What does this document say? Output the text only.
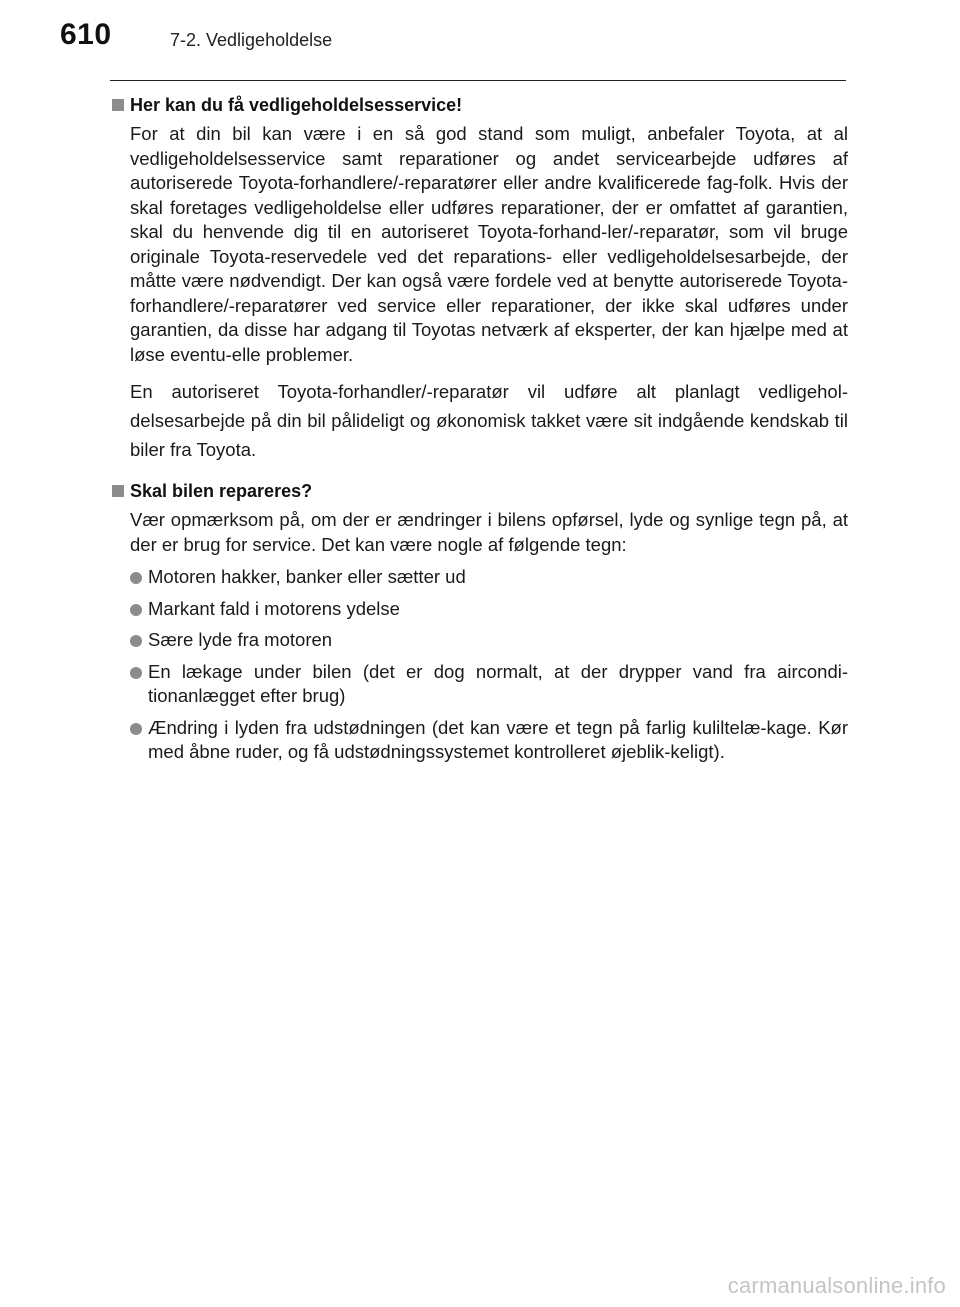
610	7-2. Vedligeholdelse
Her kan du få vedligeholdelsesservice!

For at din bil kan være i en så god stand som muligt, anbefaler Toyota, at al vedligeholdelsesservice samt reparationer og andet servicearbejde udføres af autoriserede Toyota-forhandlere/-reparatører eller andre kvalificerede fag-folk. Hvis der skal foretages vedligeholdelse eller udføres reparationer, der er omfattet af garantien, skal du henvende dig til en autoriseret Toyota-forhand-ler/-reparatør, som vil bruge originale Toyota-reservedele ved det reparations- eller vedligeholdelsesarbejde, der måtte være nødvendigt. Der kan også være fordele ved at benytte autoriserede Toyota-forhandlere/-reparatører ved service eller reparationer, der ikke skal udføres under garantien, da disse har adgang til Toyotas netværk af eksperter, der kan hjælpe med at løse eventu-elle problemer.

En autoriseret Toyota-forhandler/-reparatør vil udføre alt planlagt vedligehol-delsesarbejde på din bil pålideligt og økonomisk takket være sit indgående kendskab til biler fra Toyota.

Skal bilen repareres?

Vær opmærksom på, om der er ændringer i bilens opførsel, lyde og synlige tegn på, at der er brug for service. Det kan være nogle af følgende tegn:

Motoren hakker, banker eller sætter ud
Markant fald i motorens ydelse
Sære lyde fra motoren
En lækage under bilen (det er dog normalt, at der drypper vand fra aircondi-tionanlægget efter brug)
Ændring i lyden fra udstødningen (det kan være et tegn på farlig kuliltelæ-kage. Kør med åbne ruder, og få udstødningssystemet kontrolleret øjeblik-keligt).
carmanualsonline.info
